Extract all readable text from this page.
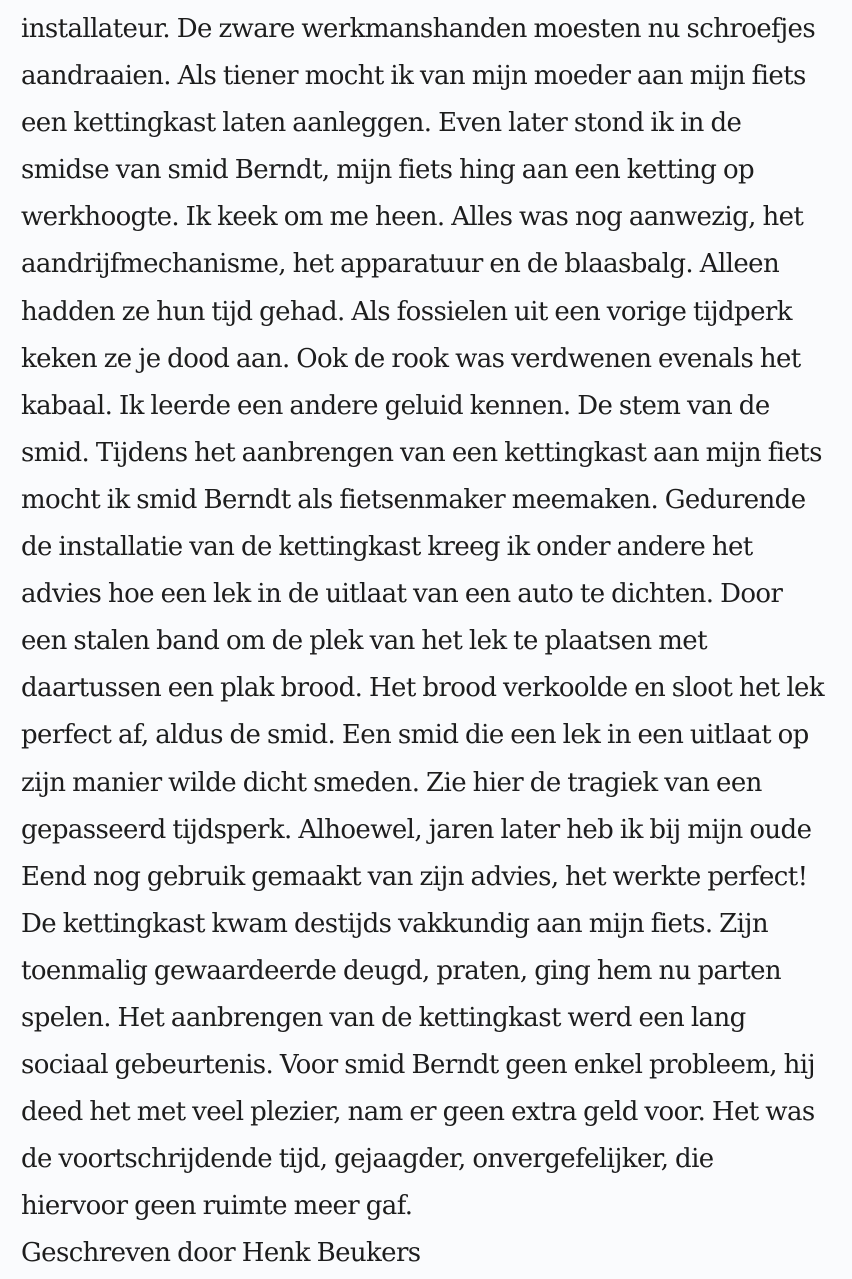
installateur. De zware werkmanshanden moesten nu schroefjes
aandraaien. Als tiener mocht ik van mijn moeder aan mijn fiets
een kettingkast laten aanleggen. Even later stond ik in de
smidse van smid Berndt, mijn fiets hing aan een ketting op
werkhoogte. Ik keek om me heen. Alles was nog aanwezig, het
aandrijfmechanisme, het apparatuur en de blaasbalg. Alleen
hadden ze hun tijd gehad. Als fossielen uit een vorige tijdperk
keken ze je dood aan. Ook de rook was verdwenen evenals het
kabaal. Ik leerde een andere geluid kennen. De stem van de
smid. Tijdens het aanbrengen van een kettingkast aan mijn fiets
mocht ik smid Berndt als fietsenmaker meemaken. Gedurende
de installatie van de kettingkast kreeg ik onder andere het
advies hoe een lek in de uitlaat van een auto te dichten. Door
een stalen band om de plek van het lek te plaatsen met
daartussen een plak brood. Het brood verkoolde en sloot het lek
perfect af, aldus de smid. Een smid die een lek in een uitlaat op
zijn manier wilde dicht smeden. Zie hier de tragiek van een
gepasseerd tijdsperk. Alhoewel, jaren later heb ik bij mijn oude
Eend nog gebruik gemaakt van zijn advies, het werkte perfect!
De kettingkast kwam destijds vakkundig aan mijn fiets. Zijn
toenmalig gewaardeerde deugd, praten, ging hem nu parten
spelen. Het aanbrengen van de kettingkast werd een lang
sociaal gebeurtenis. Voor smid Berndt geen enkel probleem, hij
deed het met veel plezier, nam er geen extra geld voor. Het was
de voortschrijdende tijd, gejaagder, onvergefelijker, die
hiervoor geen ruimte meer gaf.
Geschreven door Henk Beukers
